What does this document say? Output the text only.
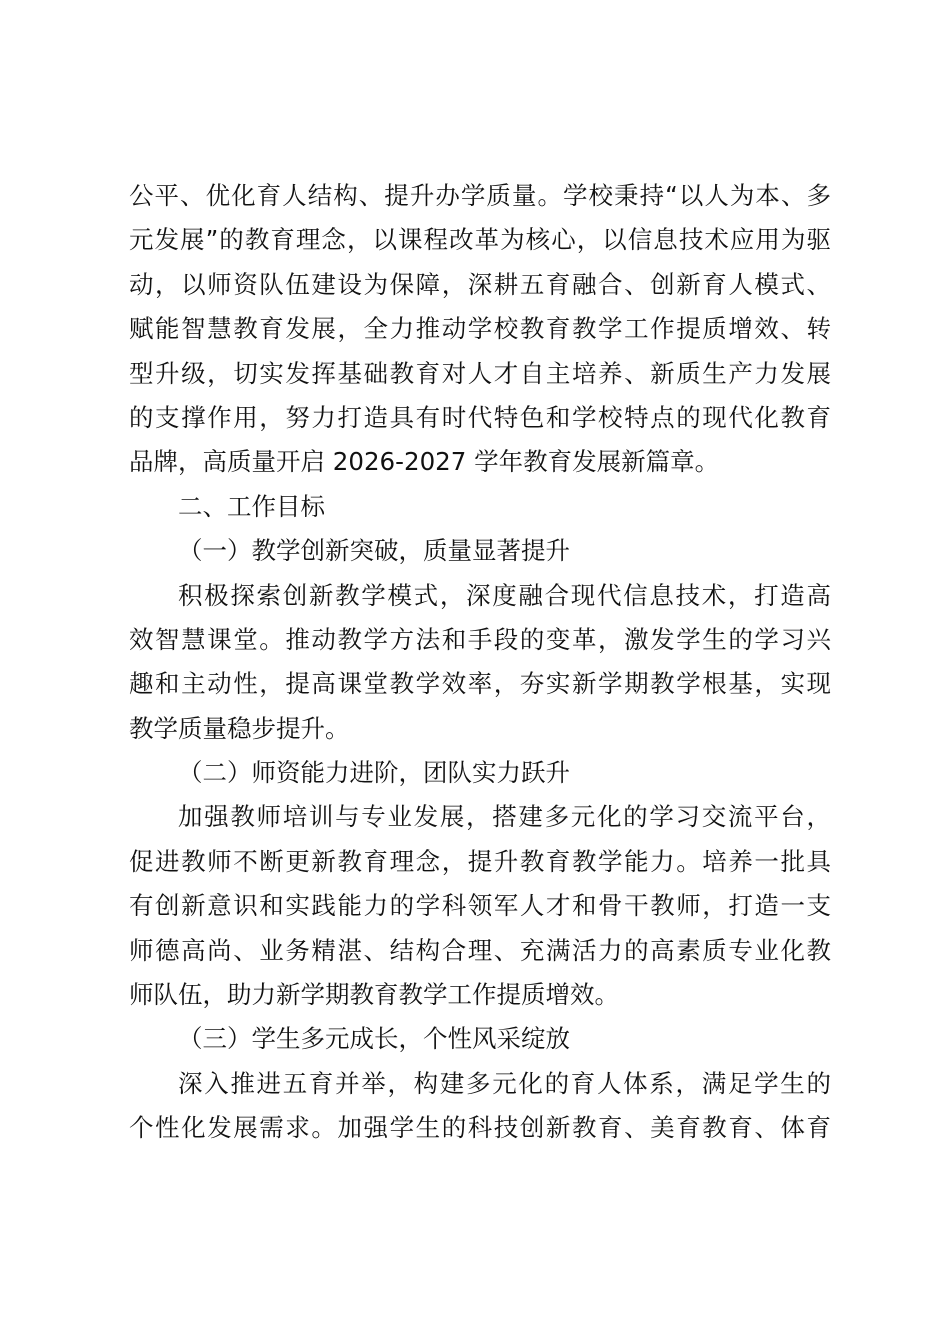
公平、优化育人结构、提升办学质量。学校秉持“以人为本、多
元发展”的教育理念，以课程改革为核心，以信息技术应用为驱
动，以师资队伍建设为保障，深耕五育融合、创新育人模式、
赋能智慧教育发展，全力推动学校教育教学工作提质增效、转
型升级，切实发挥基础教育对人才自主培养、新质生产力发展
的支撑作用，努力打造具有时代特色和学校特点的现代化教育
品牌，高质量开启 2026-2027 学年教育发展新篇章。
二、工作目标
（一）教学创新突破，质量显著提升
积极探索创新教学模式，深度融合现代信息技术，打造高
效智慧课堂。推动教学方法和手段的变革，激发学生的学习兴
趣和主动性，提高课堂教学效率，夯实新学期教学根基，实现
教学质量稳步提升。
（二）师资能力进阶，团队实力跃升
加强教师培训与专业发展，搭建多元化的学习交流平台，
促进教师不断更新教育理念，提升教育教学能力。培养一批具
有创新意识和实践能力的学科领军人才和骨干教师，打造一支
师德高尚、业务精湛、结构合理、充满活力的高素质专业化教
师队伍，助力新学期教育教学工作提质增效。
（三）学生多元成长，个性风采绽放
深入推进五育并举，构建多元化的育人体系，满足学生的
个性化发展需求。加强学生的科技创新教育、美育教育、体育
